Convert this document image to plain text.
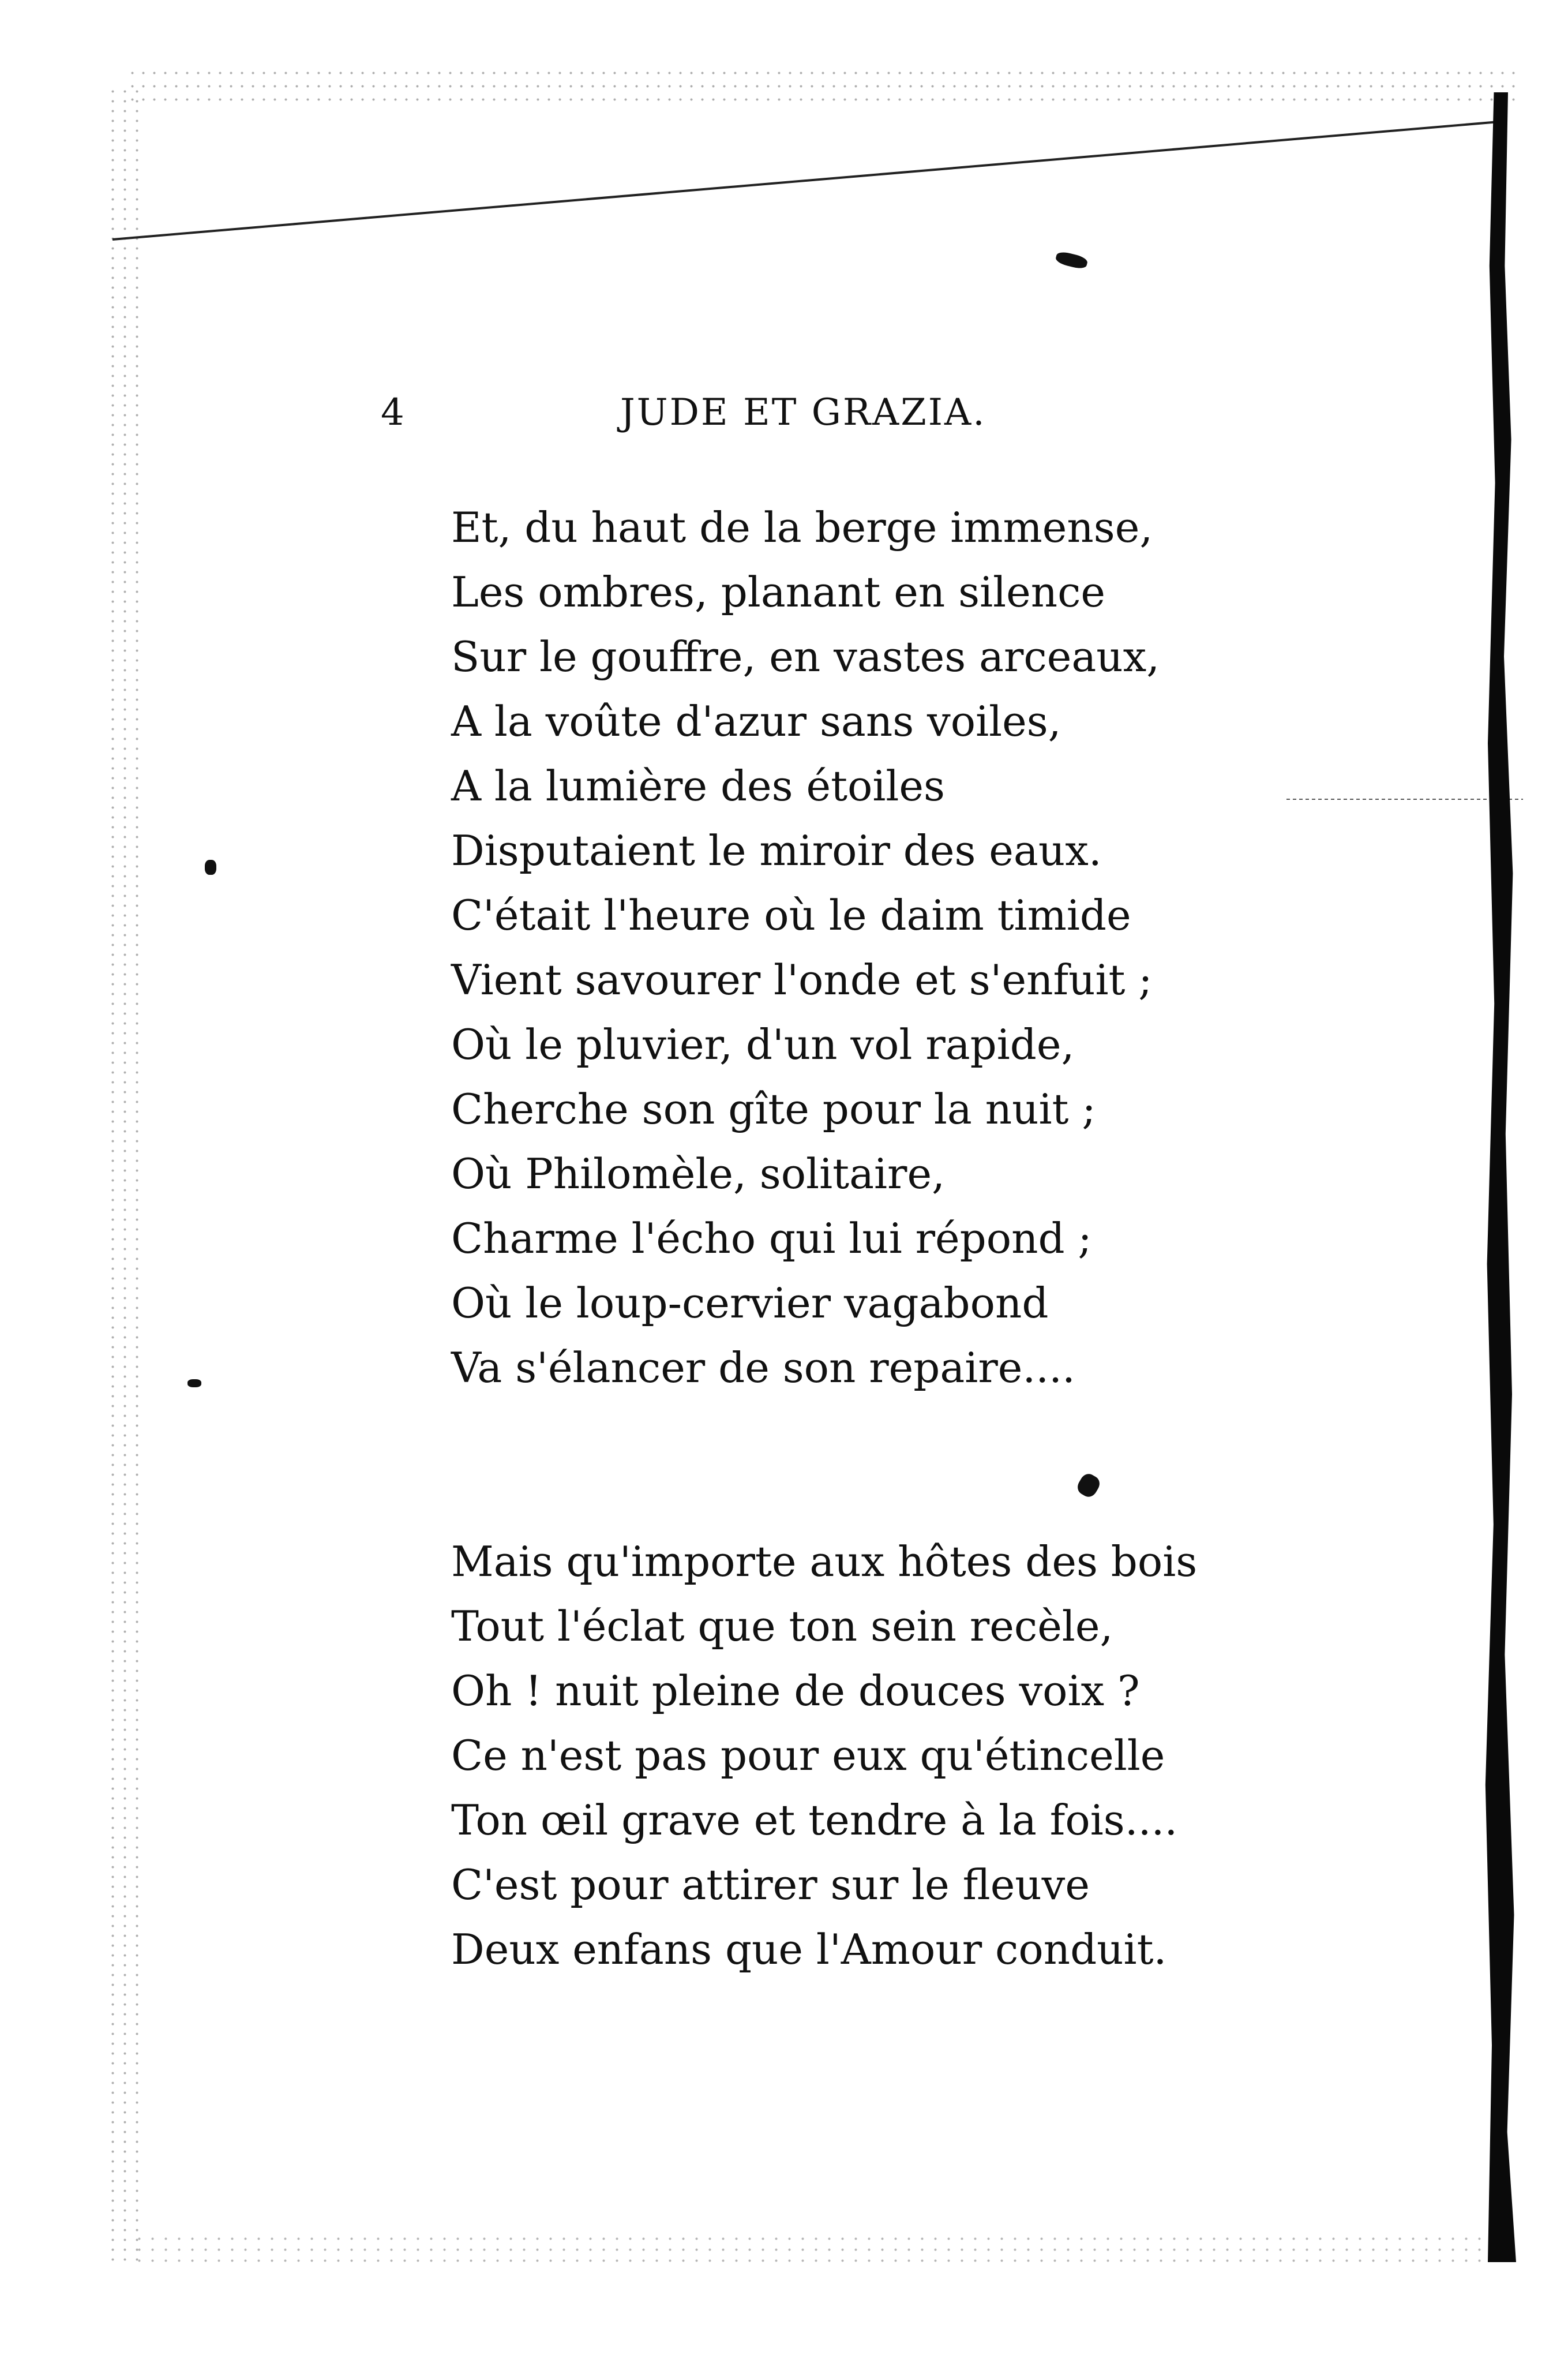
4	JUDE ET GRAZIA.
Et, du haut de la berge immense,
Les ombres, planant en silence
Sur le gouffre, en vastes arceaux,
A la voûte d'azur sans voiles,
A la lumière des étoiles
Disputaient le miroir des eaux.
C'était l'heure où le daim timide
Vient savourer l'onde et s'enfuit ;
Où le pluvier, d'un vol rapide,
Cherche son gîte pour la nuit ;
Où Philomèle, solitaire,
Charme l'écho qui lui répond ;
Où le loup-cervier vagabond
Va s'élancer de son repaire....
Mais qu'importe aux hôtes des bois
Tout l'éclat que ton sein recèle,
Oh ! nuit pleine de douces voix ?
Ce n'est pas pour eux qu'étincelle
Ton œil grave et tendre à la fois....
C'est pour attirer sur le fleuve
Deux enfans que l'Amour conduit.
